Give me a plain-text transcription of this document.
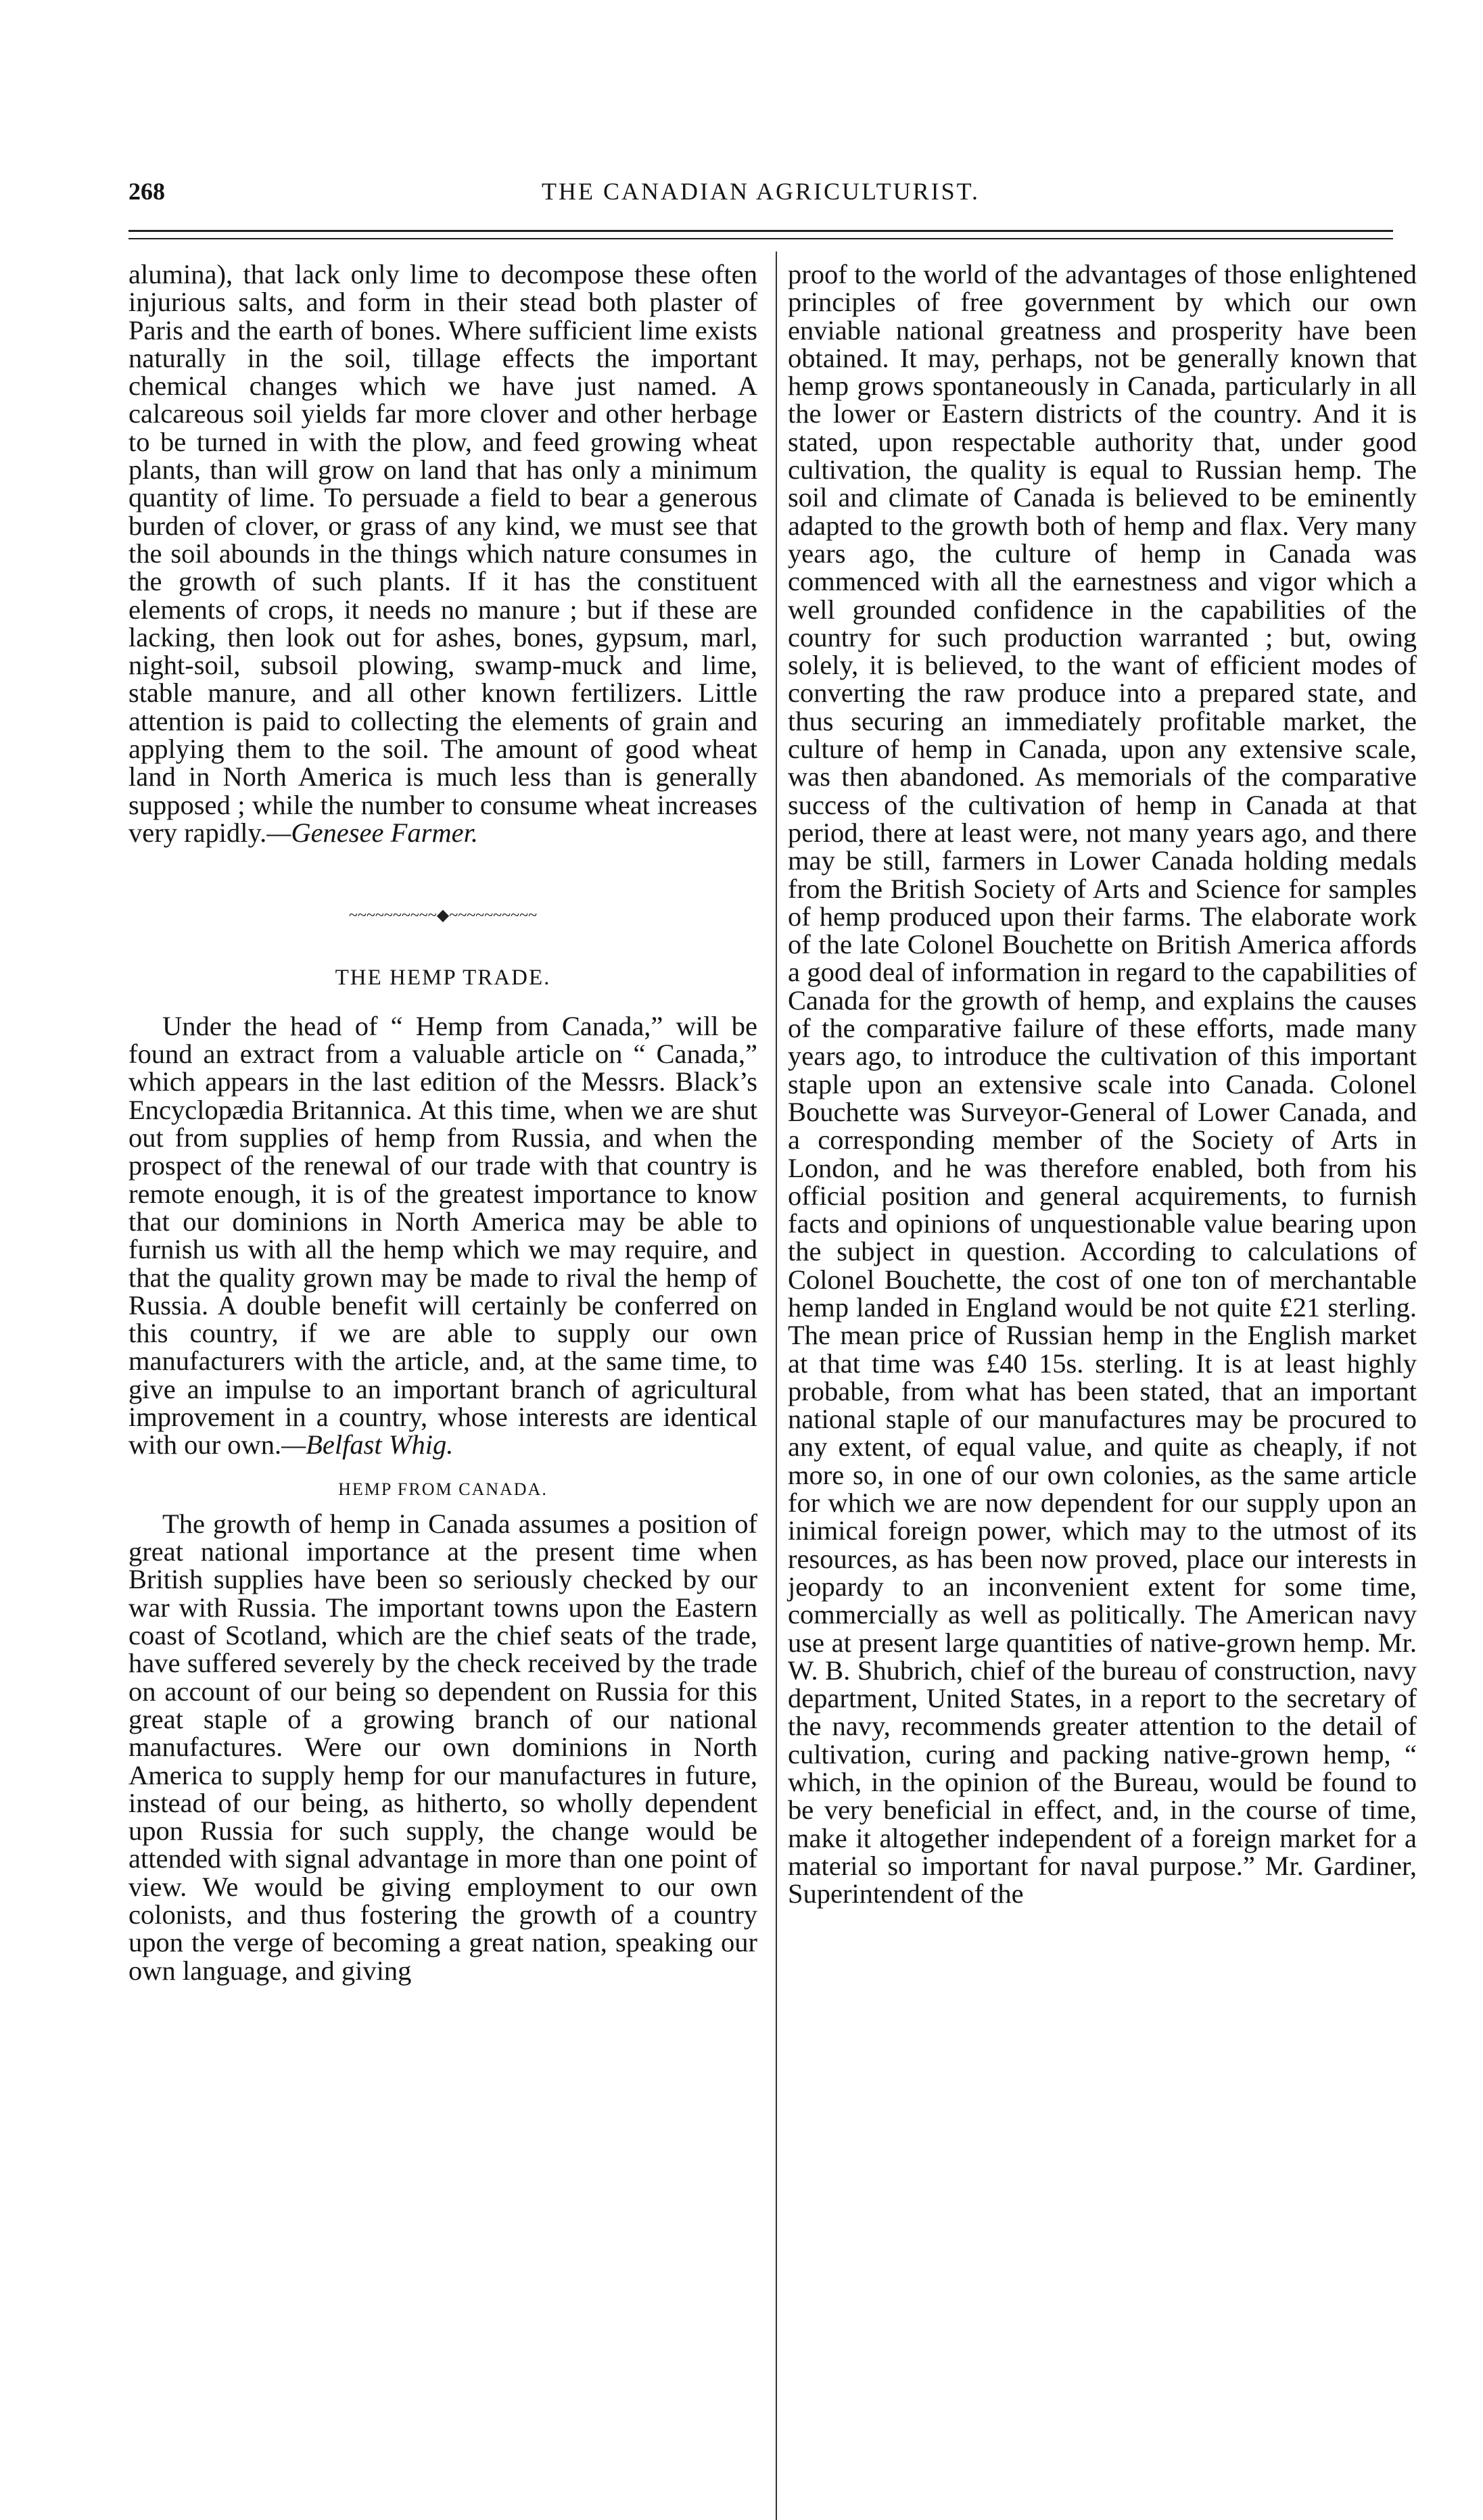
268	THE CANADIAN AGRICULTURIST.

alumina), that lack only lime to decompose these often injurious salts, and form in their stead both plaster of Paris and the earth of bones. Where sufficient lime exists naturally in the soil, tillage effects the important chemical changes which we have just named. A calcareous soil yields far more clover and other herbage to be turned in with the plow, and feed growing wheat plants, than will grow on land that has only a minimum quantity of lime. To persuade a field to bear a generous burden of clover, or grass of any kind, we must see that the soil abounds in the things which nature consumes in the growth of such plants. If it has the constituent elements of crops, it needs no manure ; but if these are lacking, then look out for ashes, bones, gypsum, marl, night-soil, subsoil plowing, swamp-muck and lime, stable manure, and all other known fertilizers. Little attention is paid to collecting the elements of grain and applying them to the soil. The amount of good wheat land in North America is much less than is generally supposed ; while the number to consume wheat increases very rapidly.—Genesee Farmer.

~~~~~~~~~~◆~~~~~~~~~~
THE HEMP TRADE.

Under the head of “ Hemp from Canada,” will be found an extract from a valuable article on “ Canada,” which appears in the last edition of the Messrs. Black’s Encyclopædia Britannica. At this time, when we are shut out from supplies of hemp from Russia, and when the prospect of the renewal of our trade with that country is remote enough, it is of the greatest importance to know that our dominions in North America may be able to furnish us with all the hemp which we may require, and that the quality grown may be made to rival the hemp of Russia. A double benefit will certainly be conferred on this country, if we are able to supply our own manufacturers with the article, and, at the same time, to give an impulse to an important branch of agricultural improvement in a country, whose interests are identical with our own.—Belfast Whig.

HEMP FROM CANADA.

The growth of hemp in Canada assumes a position of great national importance at the present time when British supplies have been so seriously checked by our war with Russia. The important towns upon the Eastern coast of Scotland, which are the chief seats of the trade, have suffered severely by the check received by the trade on account of our being so dependent on Russia for this great staple of a growing branch of our national manufactures. Were our own dominions in North America to supply hemp for our manufactures in future, instead of our being, as hitherto, so wholly dependent upon Russia for such supply, the change would be attended with signal advantage in more than one point of view. We would be giving employment to our own colonists, and thus fostering the growth of a country upon the verge of becoming a great nation, speaking our own language, and giving

proof to the world of the advantages of those enlightened principles of free government by which our own enviable national greatness and prosperity have been obtained. It may, perhaps, not be generally known that hemp grows spontaneously in Canada, particularly in all the lower or Eastern districts of the country. And it is stated, upon respectable authority that, under good cultivation, the quality is equal to Russian hemp. The soil and climate of Canada is believed to be eminently adapted to the growth both of hemp and flax. Very many years ago, the culture of hemp in Canada was commenced with all the earnestness and vigor which a well grounded confidence in the capabilities of the country for such production warranted ; but, owing solely, it is believed, to the want of efficient modes of converting the raw produce into a prepared state, and thus securing an immediately profitable market, the culture of hemp in Canada, upon any extensive scale, was then abandoned. As memorials of the comparative success of the cultivation of hemp in Canada at that period, there at least were, not many years ago, and there may be still, farmers in Lower Canada holding medals from the British Society of Arts and Science for samples of hemp produced upon their farms. The elaborate work of the late Colonel Bouchette on British America affords a good deal of information in regard to the capabilities of Canada for the growth of hemp, and explains the causes of the comparative failure of these efforts, made many years ago, to introduce the cultivation of this important staple upon an extensive scale into Canada. Colonel Bouchette was Surveyor-General of Lower Canada, and a corresponding member of the Society of Arts in London, and he was therefore enabled, both from his official position and general acquirements, to furnish facts and opinions of unquestionable value bearing upon the subject in question. According to calculations of Colonel Bouchette, the cost of one ton of merchantable hemp landed in England would be not quite £21 sterling. The mean price of Russian hemp in the English market at that time was £40 15s. sterling. It is at least highly probable, from what has been stated, that an important national staple of our manufactures may be procured to any extent, of equal value, and quite as cheaply, if not more so, in one of our own colonies, as the same article for which we are now dependent for our supply upon an inimical foreign power, which may to the utmost of its resources, as has been now proved, place our interests in jeopardy to an inconvenient extent for some time, commercially as well as politically. The American navy use at present large quantities of native-grown hemp. Mr. W. B. Shubrich, chief of the bureau of construction, navy department, United States, in a report to the secretary of the navy, recommends greater attention to the detail of cultivation, curing and packing native-grown hemp, “ which, in the opinion of the Bureau, would be found to be very beneficial in effect, and, in the course of time, make it altogether independent of a foreign market for a material so important for naval purpose.” Mr. Gardiner, Superintendent of the
